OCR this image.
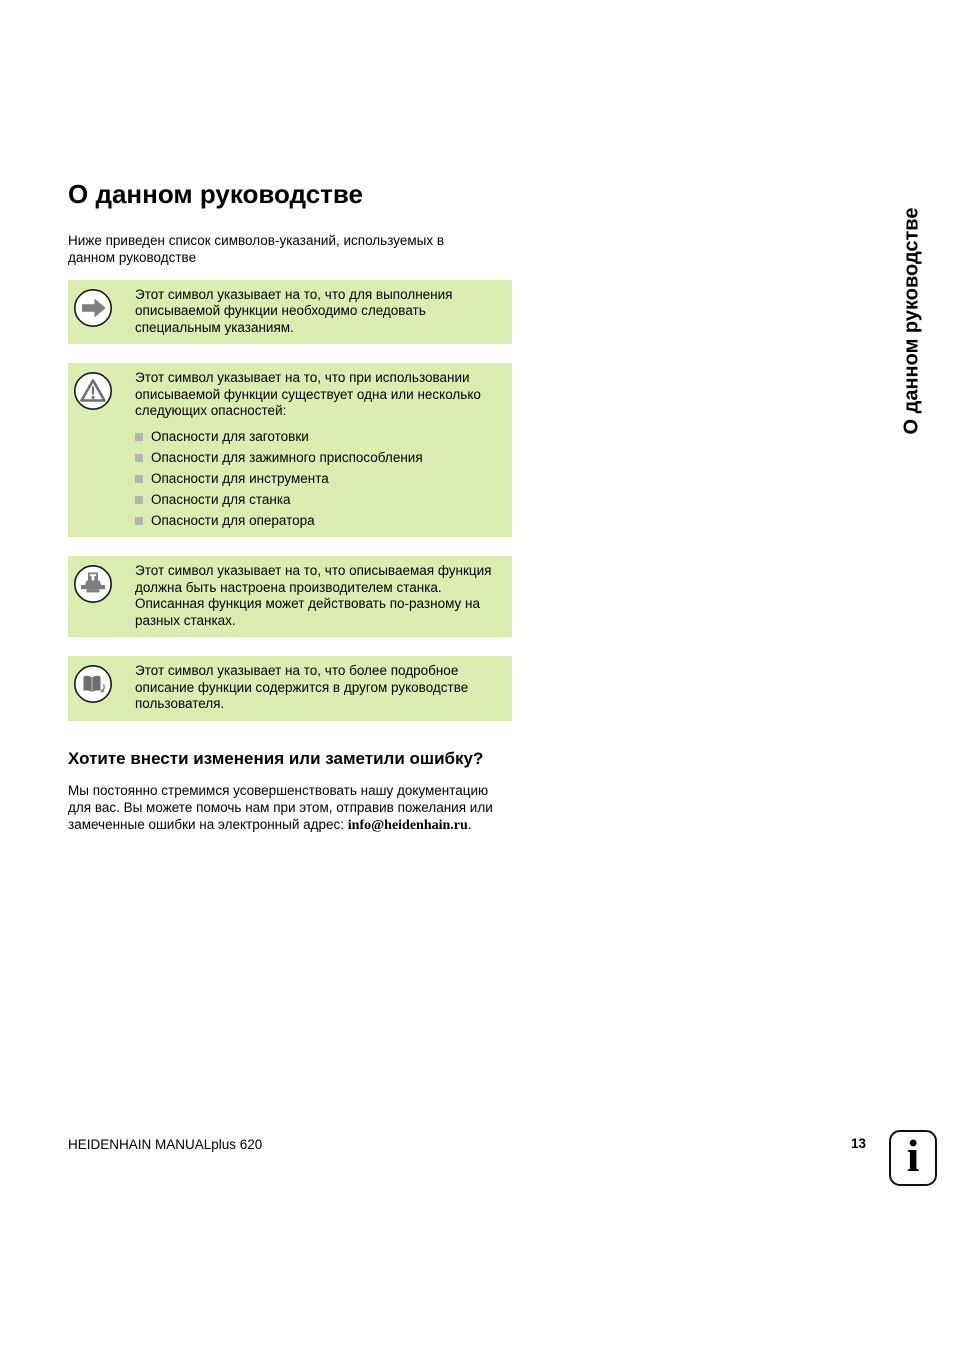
О данном руководстве

Ниже приведен список символов-указаний, используемых в данном руководстве

Этот символ указывает на то, что для выполнения описываемой функции необходимо следовать специальным указаниям.

Этот символ указывает на то, что при использовании описываемой функции существует одна или несколько следующих опасностей:

Опасности для заготовки
Опасности для зажимного приспособления
Опасности для инструмента
Опасности для станка
Опасности для оператора

Этот символ указывает на то, что описываемая функция должна быть настроена производителем станка. Описанная функция может действовать по-разному на разных станках.

Этот символ указывает на то, что более подробное описание функции содержится в другом руководстве пользователя.

Хотите внести изменения или заметили ошибку?

Мы постоянно стремимся усовершенствовать нашу документацию для вас. Вы можете помочь нам при этом, отправив пожелания или замеченные ошибки на электронный адрес: info@heidenhain.ru.

О данном руководстве
HEIDENHAIN MANUALplus 620	13 i
